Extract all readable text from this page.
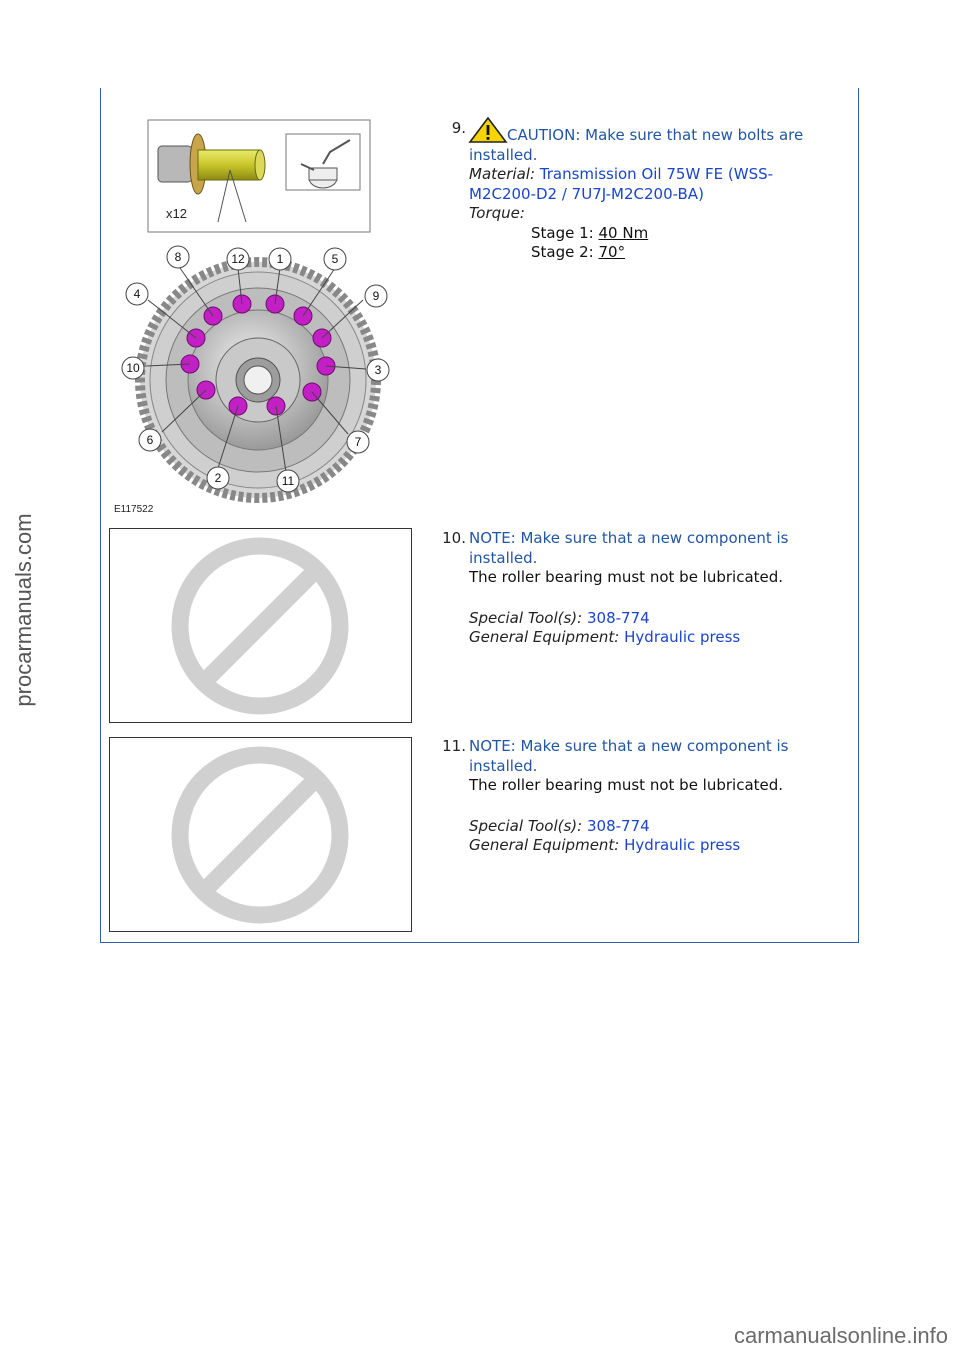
procarmanuals.com
carmanualsonline.info
8	12	1	5
4	9
10	3
6	7
2	11
x12
E117522
9.	CAUTION: Make sure that new bolts are
installed.
Material: Transmission Oil 75W FE (WSS-
M2C200-D2 / 7U7J-M2C200-BA)
Torque:
Stage 1: 40 Nm
Stage 2: 70°
10. NOTE: Make sure that a new component is
installed.
The roller bearing must not be lubricated.
Special Tool(s): 308-774
General Equipment: Hydraulic press
11. NOTE: Make sure that a new component is
installed.
The roller bearing must not be lubricated.
Special Tool(s): 308-774
General Equipment: Hydraulic press
